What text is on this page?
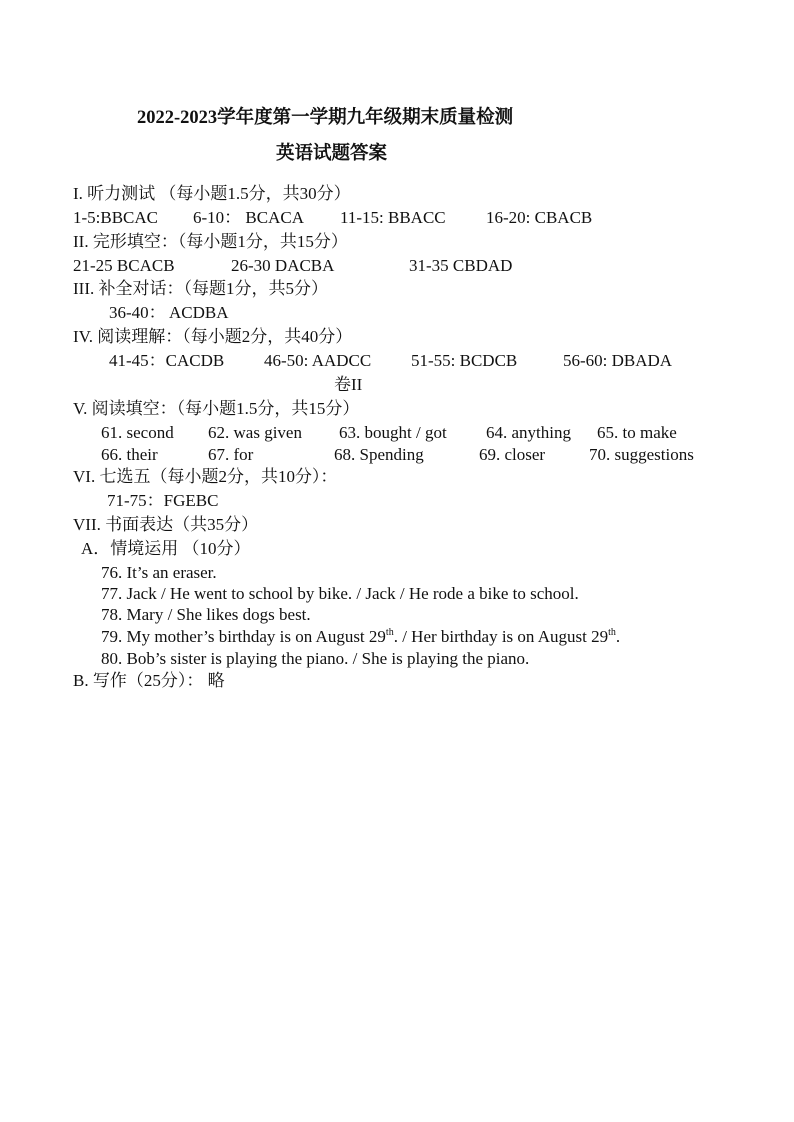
2022-2023学年度第一学期九年级期末质量检测
英语试题答案
I. 听力测试 （每小题1.5分，共30分）
1-5:BBCAC 6-10： BCACA 11-15: BBACC 16-20: CBACB
II. 完形填空：（每小题1分，共15分）
21-25 BCACB	26-30 DACBA	31-35 CBDAD
III. 补全对话：（每题1分，共5分）
36-40： ACDBA
IV. 阅读理解：（每小题2分，共40分）
41-45：CACDB 46-50: AADCC 51-55: BCDCB	56-60: DBADA
卷II
V. 阅读填空：（每小题1.5分，共15分）
61. second 62. was given 63. bought / got 64. anything 65. to make
66. their	67. for	68. Spending	69. closer	70. suggestions
VI. 七选五（每小题2分，共10分）：
71-75：FGEBC
VII. 书面表达（共35分）
A．情境运用 （10分）
76. It’s an eraser.
77. Jack / He went to school by bike. / Jack / He rode a bike to school.
78. Mary / She likes dogs best.
79. My mother’s birthday is on August 29th. / Her birthday is on August 29th.
80. Bob’s sister is playing the piano. / She is playing the piano.
B. 写作（25分）： 略
